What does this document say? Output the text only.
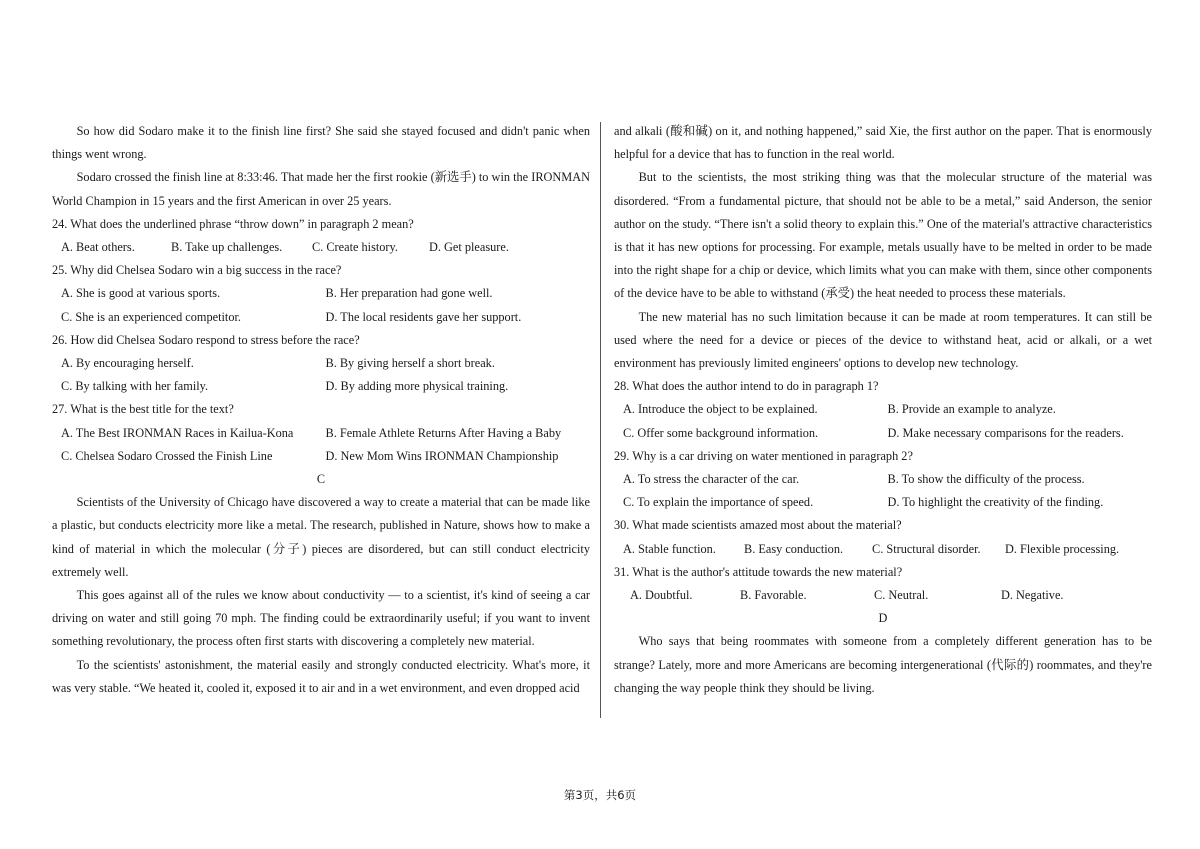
So how did Sodaro make it to the finish line first? She said she stayed focused and didn't panic when things went wrong.

Sodaro crossed the finish line at 8:33:46. That made her the first rookie (新选手) to win the IRONMAN World Champion in 15 years and the first American in over 25 years.

24. What does the underlined phrase “throw down” in paragraph 2 mean?

A. Beat others.	B. Take up challenges.	C. Create history.	D. Get pleasure.

25. Why did Chelsea Sodaro win a big success in the race?

A. She is good at various sports.	B. Her preparation had gone well.
C. She is an experienced competitor.	D. The local residents gave her support.

26. How did Chelsea Sodaro respond to stress before the race?

A. By encouraging herself.	B. By giving herself a short break.
C. By talking with her family.	D. By adding more physical training.

27. What is the best title for the text?

A. The Best IRONMAN Races in Kailua-Kona	B. Female Athlete Returns After Having a Baby
C. Chelsea Sodaro Crossed the Finish Line	D. New Mom Wins IRONMAN Championship

C

Scientists of the University of Chicago have discovered a way to create a material that can be made like a plastic, but conducts electricity more like a metal. The research, published in Nature, shows how to make a kind of material in which the molecular (分子) pieces are disordered, but can still conduct electricity extremely well.

This goes against all of the rules we know about conductivity — to a scientist, it's kind of seeing a car driving on water and still going 70 mph. The finding could be extraordinarily useful; if you want to invent something revolutionary, the process often first starts with discovering a completely new material.

To the scientists' astonishment, the material easily and strongly conducted electricity. What's more, it was very stable. “We heated it, cooled it, exposed it to air and in a wet environment, and even dropped acid

and alkali (酸和碱) on it, and nothing happened,” said Xie, the first author on the paper. That is enormously helpful for a device that has to function in the real world.

But to the scientists, the most striking thing was that the molecular structure of the material was disordered. “From a fundamental picture, that should not be able to be a metal,” said Anderson, the senior author on the study. “There isn't a solid theory to explain this.” One of the material's attractive characteristics is that it has new options for processing. For example, metals usually have to be melted in order to be made into the right shape for a chip or device, which limits what you can make with them, since other components of the device have to be able to withstand (承受) the heat needed to process these materials.

The new material has no such limitation because it can be made at room temperatures. It can still be used where the need for a device or pieces of the device to withstand heat, acid or alkali, or a wet environment has previously limited engineers' options to develop new technology.

28. What does the author intend to do in paragraph 1?

A. Introduce the object to be explained.	B. Provide an example to analyze.
C. Offer some background information.	D. Make necessary comparisons for the readers.

29. Why is a car driving on water mentioned in paragraph 2?

A. To stress the character of the car.	B. To show the difficulty of the process.
C. To explain the importance of speed.	D. To highlight the creativity of the finding.

30. What made scientists amazed most about the material?

A. Stable function.	B. Easy conduction.	C. Structural disorder.	D. Flexible processing.

31. What is the author's attitude towards the new material?

A. Doubtful.	B. Favorable.	C. Neutral.	D. Negative.

D

Who says that being roommates with someone from a completely different generation has to be strange? Lately, more and more Americans are becoming intergenerational (代际的) roommates, and they're changing the way people think they should be living.

第3页，共6页
